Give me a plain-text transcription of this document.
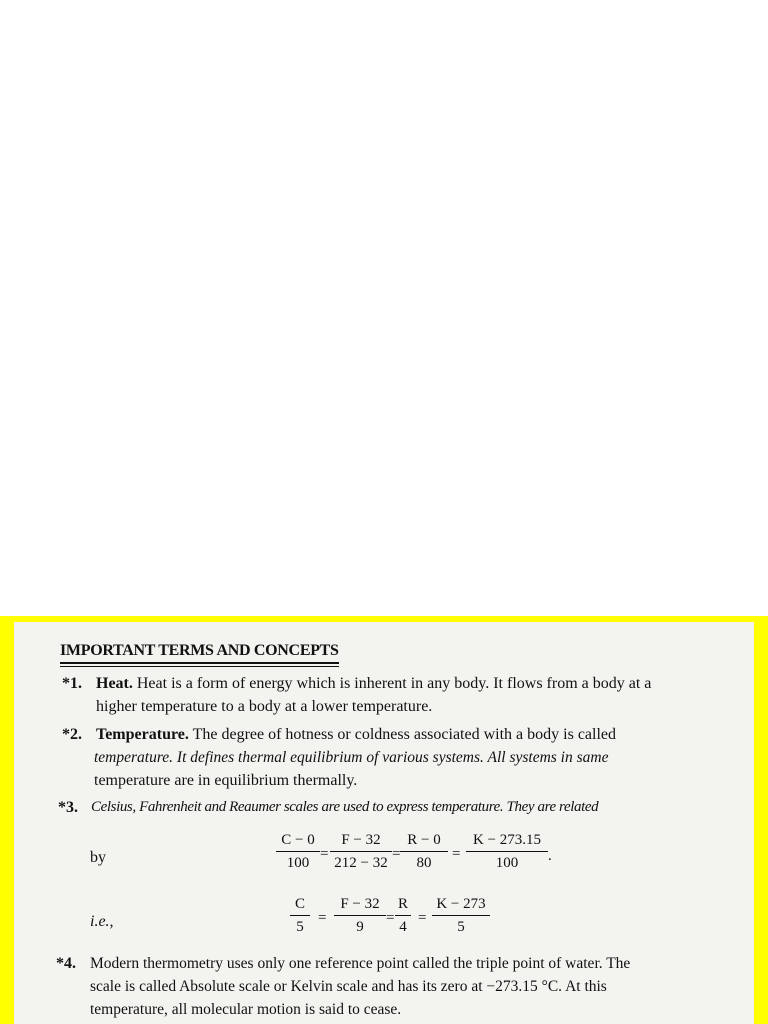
IMPORTANT TERMS AND CONCEPTS
*1. Heat. Heat is a form of energy which is inherent in any body. It flows from a body at a
higher temperature to a body at a lower temperature.
*2. Temperature. The degree of hotness or coldness associated with a body is called
temperature. It defines thermal equilibrium of various systems. All systems in same
temperature are in equilibrium thermally.
*3. Celsius, Fahrenheit and Reaumer scales are used to express temperature. They are related
by	$\frac{C - 0}{100} = \frac{F - 32}{212 - 32} = \frac{R - 0}{80} = \frac{K - 273.15}{100}$ .
i.e.,	$\frac{C}{5} = \frac{F - 32}{9} = \frac{R}{4} = \frac{K - 273}{5}$
*4. Modern thermometry uses only one reference point called the triple point of water. The
scale is called Absolute scale or Kelvin scale and has its zero at −273.15 °C. At this
temperature, all molecular motion is said to cease.
